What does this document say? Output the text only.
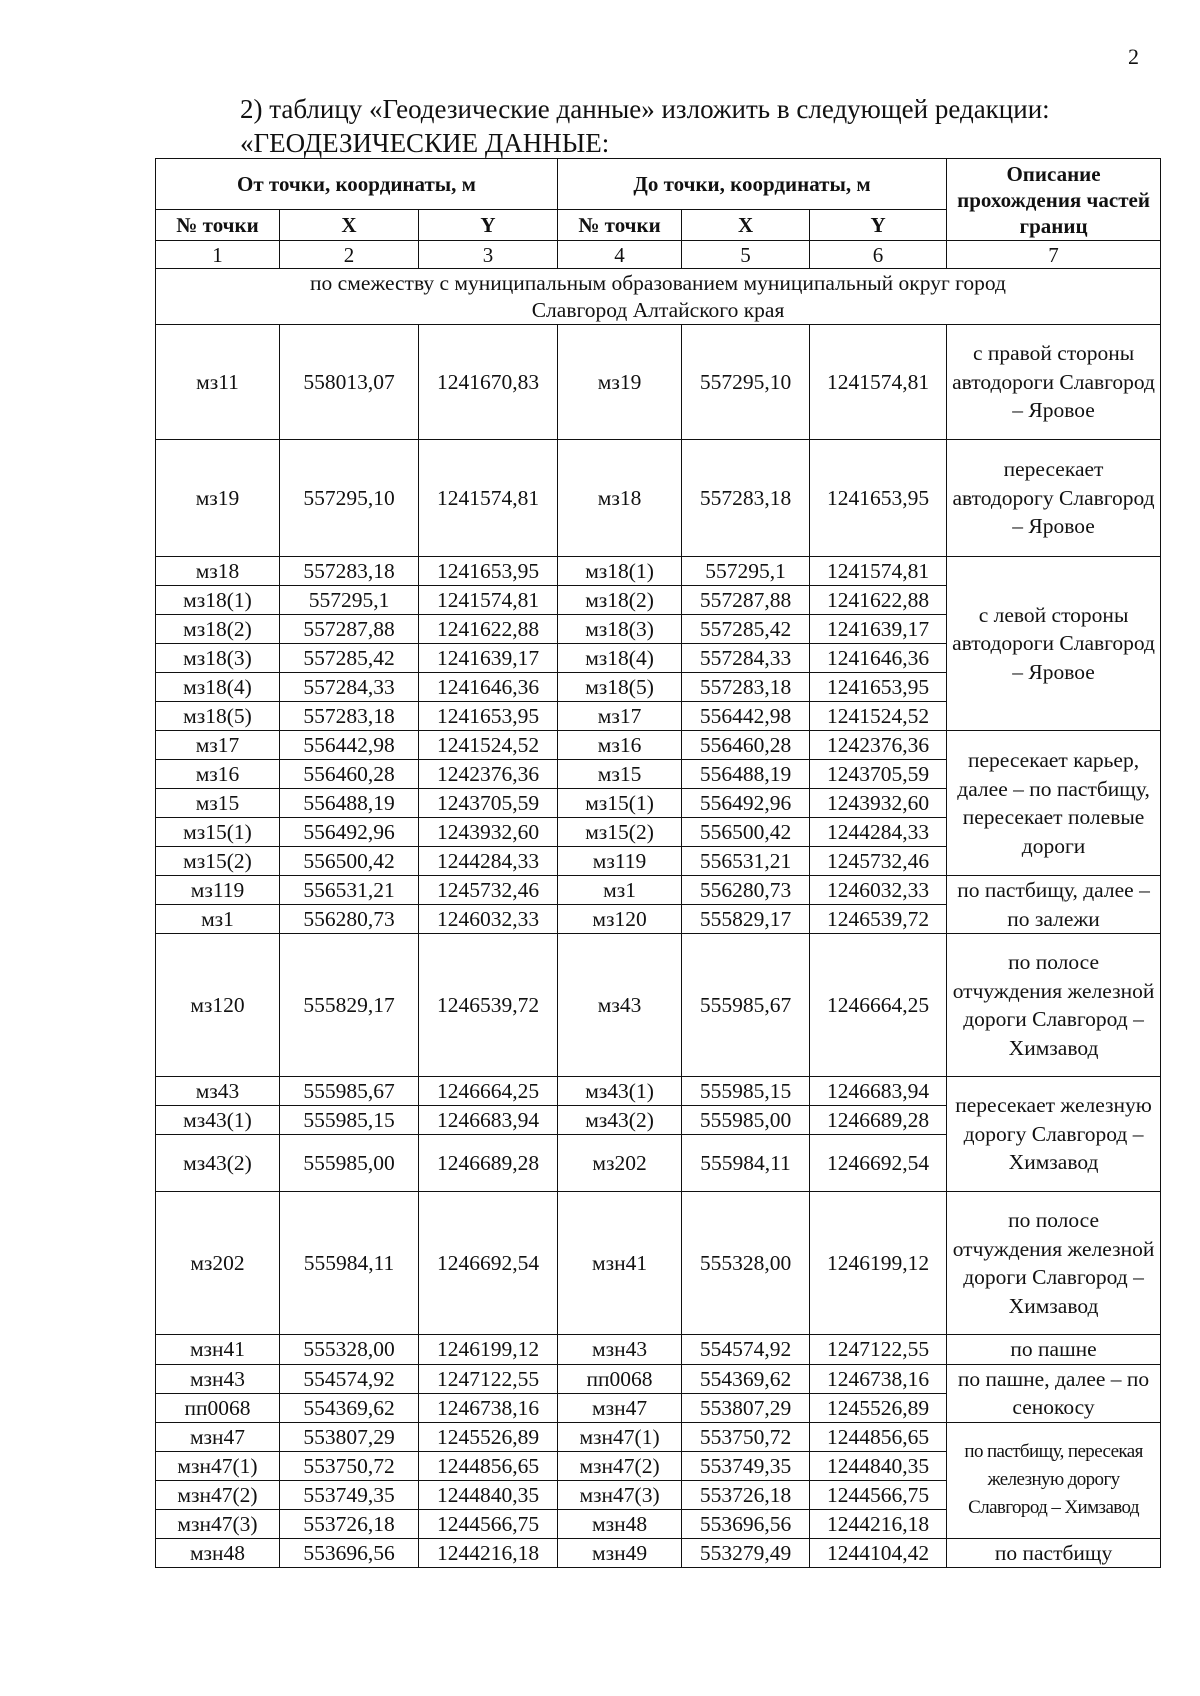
2
2) таблицу «Геодезические данные» изложить в следующей редакции:
«ГЕОДЕЗИЧЕСКИЕ ДАННЫЕ:
От точки, координаты, м			До точки, координаты, м			Описание прохождения частей границ
№ точки	X	Y	№ точки	X	Y	
1	2	3	4	5	6	7
по смежеству с муниципальным образованием муниципальный округ город Славгород Алтайского края						
мз11	558013,07	1241670,83	мз19	557295,10	1241574,81	с правой стороны автодороги Славгород – Яровое
мз19	557295,10	1241574,81	мз18	557283,18	1241653,95	пересекает автодорогу Славгород – Яровое
мз18	557283,18	1241653,95	мз18(1)	557295,1	1241574,81	с левой стороны автодороги Славгород – Яровое
мз18(1)	557295,1	1241574,81	мз18(2)	557287,88	1241622,88	
мз18(2)	557287,88	1241622,88	мз18(3)	557285,42	1241639,17	
мз18(3)	557285,42	1241639,17	мз18(4)	557284,33	1241646,36	
мз18(4)	557284,33	1241646,36	мз18(5)	557283,18	1241653,95	
мз18(5)	557283,18	1241653,95	мз17	556442,98	1241524,52	
мз17	556442,98	1241524,52	мз16	556460,28	1242376,36	пересекает карьер, далее – по пастбищу, пересекает полевые дороги
мз16	556460,28	1242376,36	мз15	556488,19	1243705,59	
мз15	556488,19	1243705,59	мз15(1)	556492,96	1243932,60	
мз15(1)	556492,96	1243932,60	мз15(2)	556500,42	1244284,33	
мз15(2)	556500,42	1244284,33	мз119	556531,21	1245732,46	
мз119	556531,21	1245732,46	мз1	556280,73	1246032,33	по пастбищу, далее – по залежи
мз1	556280,73	1246032,33	мз120	555829,17	1246539,72	
мз120	555829,17	1246539,72	мз43	555985,67	1246664,25	по полосе отчуждения железной дороги Славгород – Химзавод
мз43	555985,67	1246664,25	мз43(1)	555985,15	1246683,94	пересекает железную дорогу Славгород – Химзавод
мз43(1)	555985,15	1246683,94	мз43(2)	555985,00	1246689,28	
мз43(2)	555985,00	1246689,28	мз202	555984,11	1246692,54	
мз202	555984,11	1246692,54	мзн41	555328,00	1246199,12	по полосе отчуждения железной дороги Славгород – Химзавод
мзн41	555328,00	1246199,12	мзн43	554574,92	1247122,55	по пашне
мзн43	554574,92	1247122,55	пп0068	554369,62	1246738,16	по пашне, далее – по сенокосу
пп0068	554369,62	1246738,16	мзн47	553807,29	1245526,89	
мзн47	553807,29	1245526,89	мзн47(1)	553750,72	1244856,65	по пастбищу, пересекая железную дорогу Славгород – Химзавод
мзн47(1)	553750,72	1244856,65	мзн47(2)	553749,35	1244840,35	
мзн47(2)	553749,35	1244840,35	мзн47(3)	553726,18	1244566,75	
мзн47(3)	553726,18	1244566,75	мзн48	553696,56	1244216,18	
мзн48	553696,56	1244216,18	мзн49	553279,49	1244104,42	по пастбищу
